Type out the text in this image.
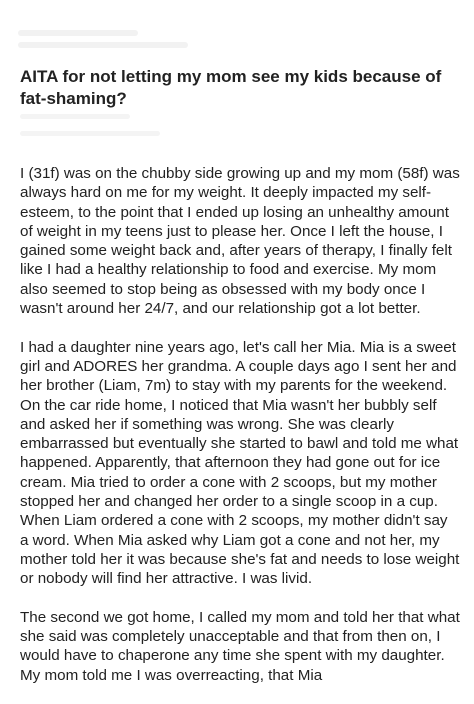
AITA for not letting my mom see my kids because of fat-shaming?

I (31f) was on the chubby side growing up and my mom (58f) was always hard on me for my weight. It deeply impacted my self-esteem, to the point that I ended up losing an unhealthy amount of weight in my teens just to please her. Once I left the house, I gained some weight back and, after years of therapy, I finally felt like I had a healthy relationship to food and exercise. My mom also seemed to stop being as obsessed with my body once I wasn't around her 24/7, and our relationship got a lot better.

I had a daughter nine years ago, let's call her Mia. Mia is a sweet girl and ADORES her grandma. A couple days ago I sent her and her brother (Liam, 7m) to stay with my parents for the weekend. On the car ride home, I noticed that Mia wasn't her bubbly self and asked her if something was wrong. She was clearly embarrassed but eventually she started to bawl and told me what happened. Apparently, that afternoon they had gone out for ice cream. Mia tried to order a cone with 2 scoops, but my mother stopped her and changed her order to a single scoop in a cup. When Liam ordered a cone with 2 scoops, my mother didn't say a word. When Mia asked why Liam got a cone and not her, my mother told her it was because she's fat and needs to lose weight or nobody will find her attractive. I was livid.

The second we got home, I called my mom and told her that what she said was completely unacceptable and that from then on, I would have to chaperone any time she spent with my daughter. My mom told me I was overreacting, that Mia
